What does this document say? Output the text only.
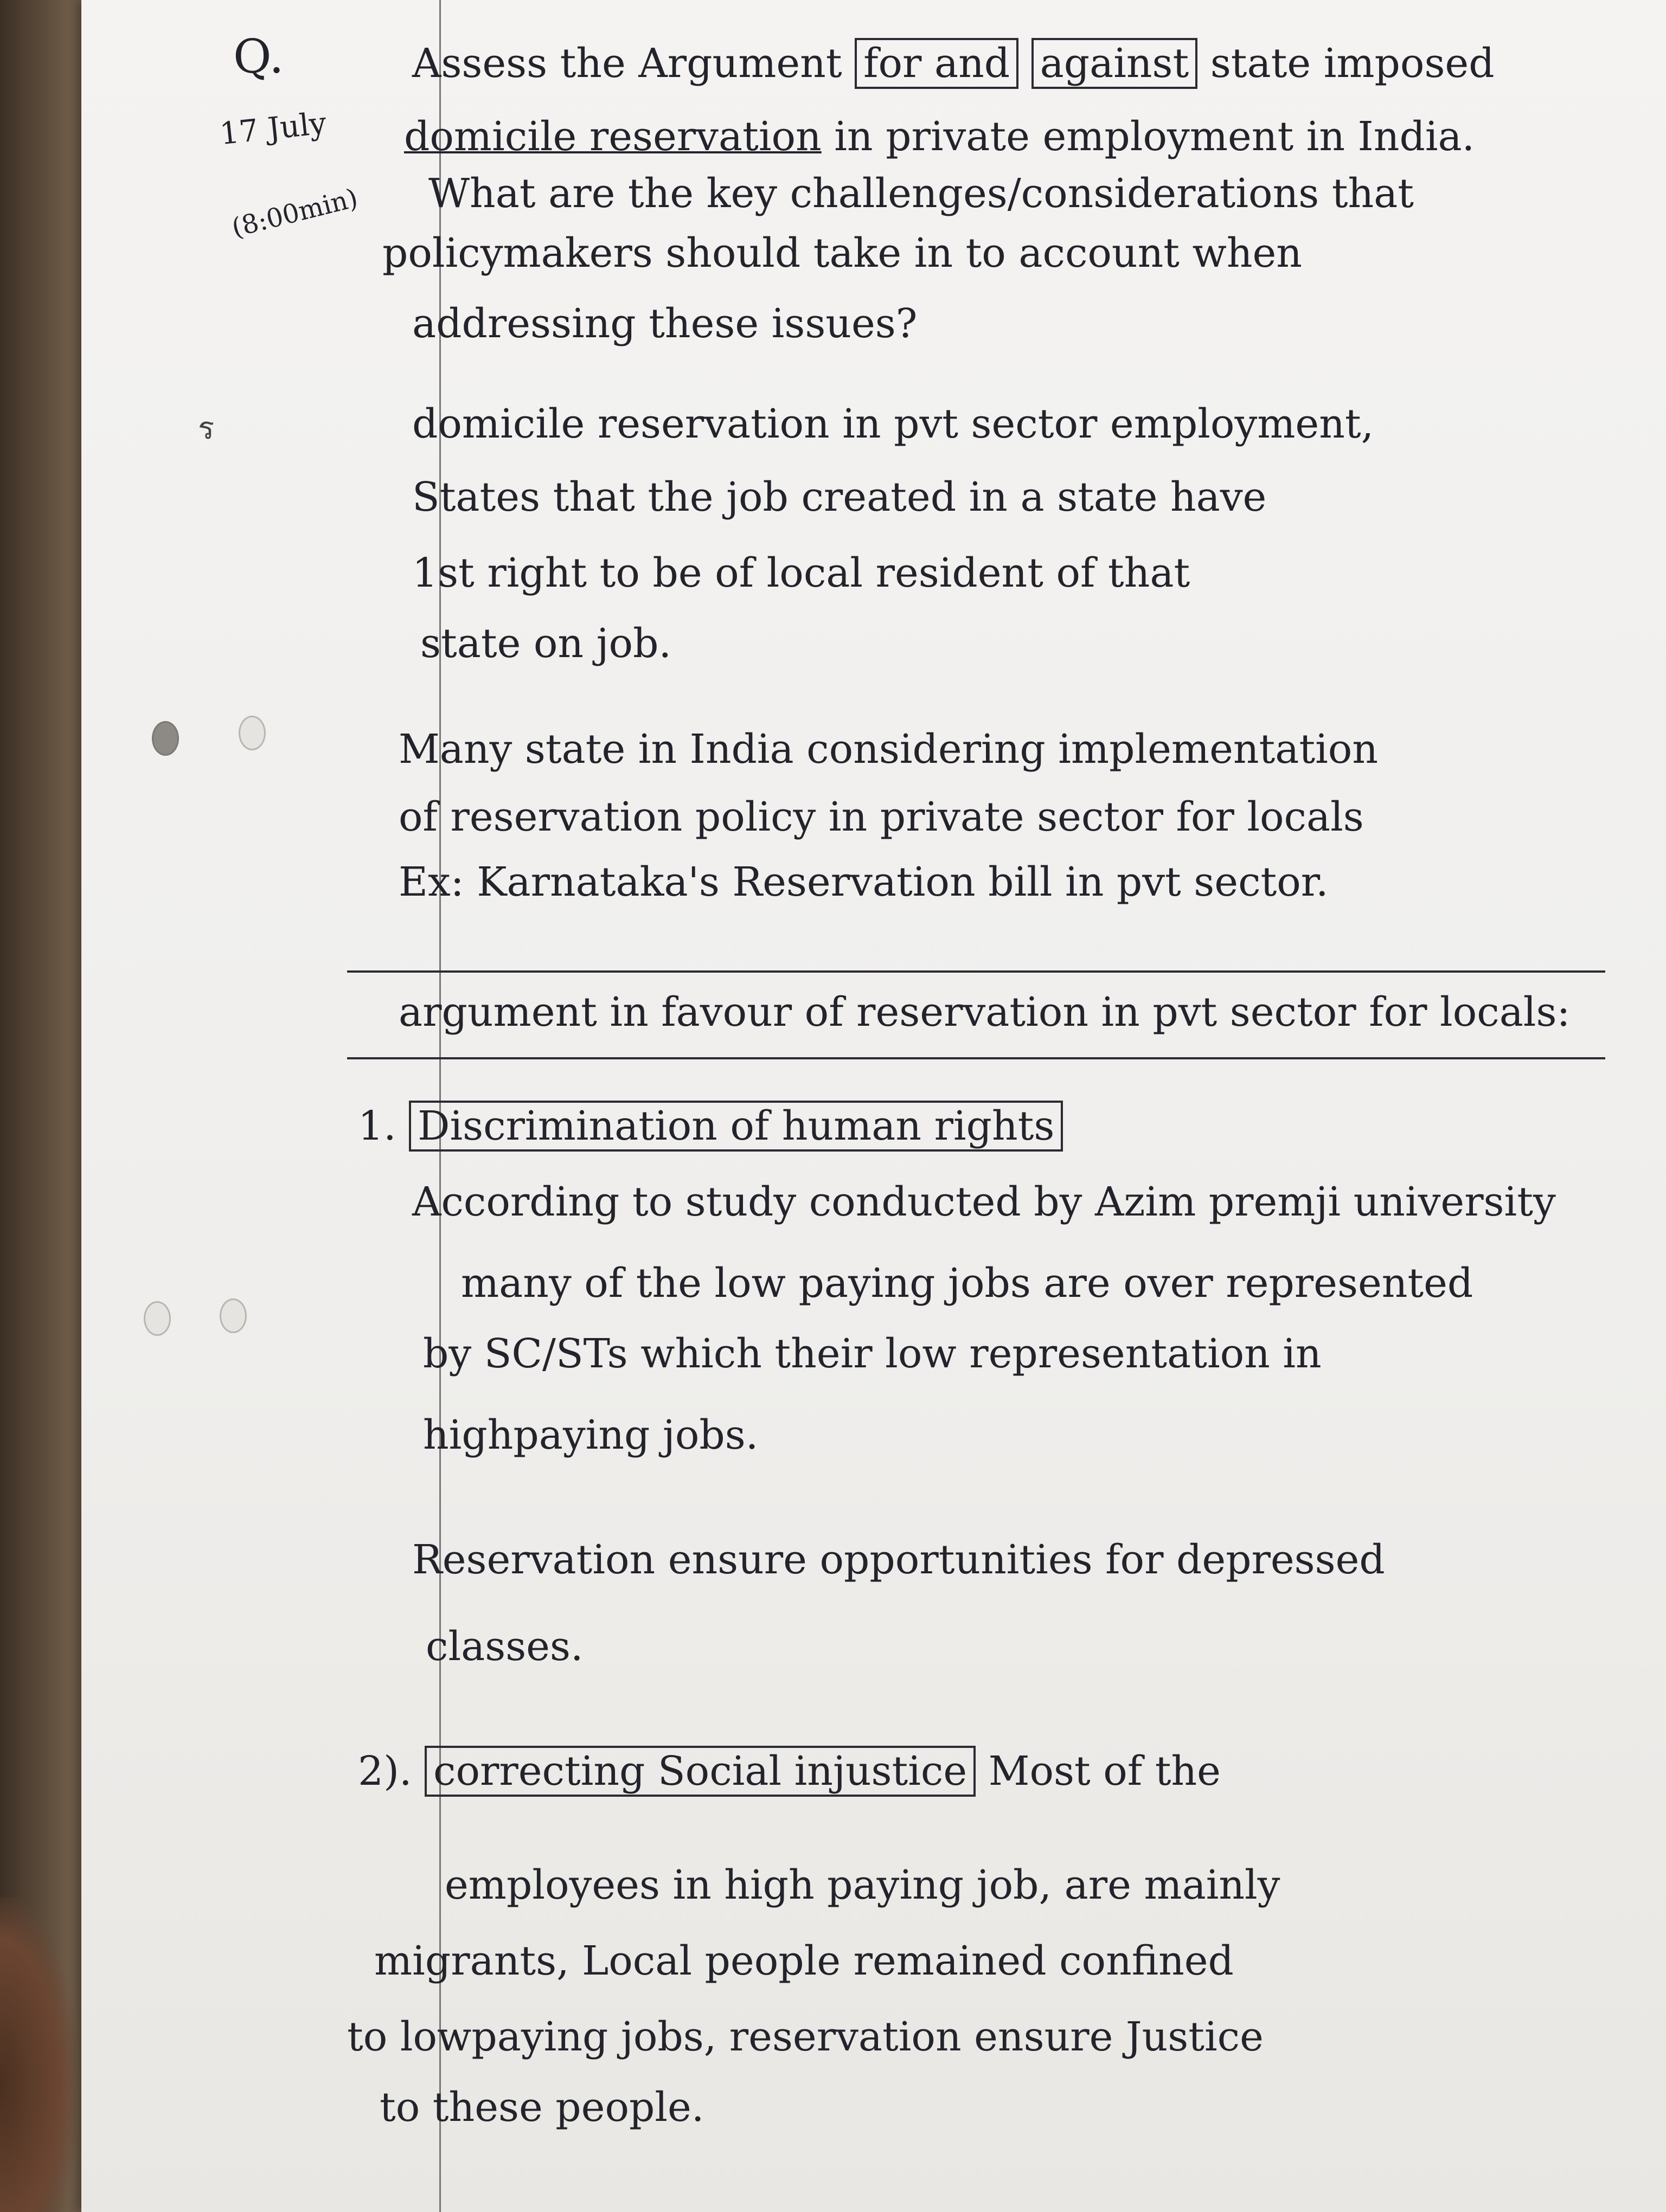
Q.
17 July
(8:00min)
ร
Assess the Argument for and against state imposed
domicile reservation in private employment in India.
What are the key challenges/considerations that
policymakers should take in to account when
addressing these issues?
domicile reservation in pvt sector employment,
States that the job created in a state have
1st right to be of local resident of that
state on job.
Many state in India considering implementation
of reservation policy in private sector for locals
Ex: Karnataka's Reservation bill in pvt sector.
argument in favour of reservation in pvt sector for locals:
1. Discrimination of human rights
According to study conducted by Azim premji university
many of the low paying jobs are over represented
by SC/STs which their low representation in
highpaying jobs.
Reservation ensure opportunities for depressed
classes.
2). correcting Social injustice Most of the
employees in high paying job, are mainly
migrants, Local people remained confined
to lowpaying jobs, reservation ensure Justice
to these people.
